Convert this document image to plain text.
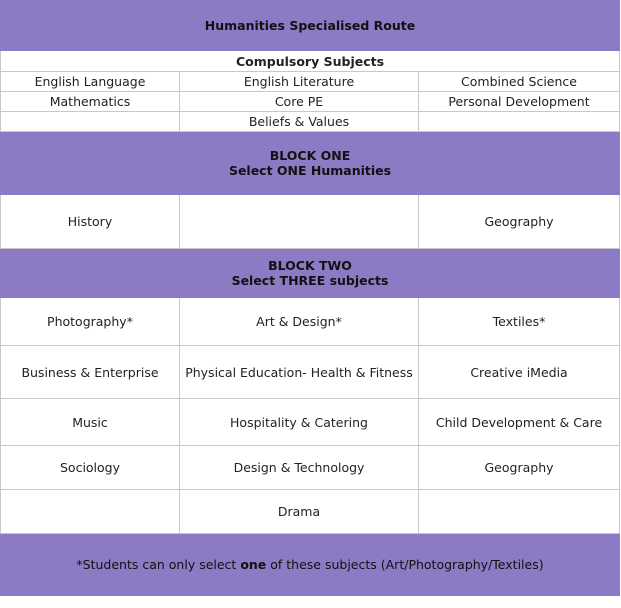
Humanities Specialised Route		
Compulsory Subjects		
English Language	English Literature	Combined Science
Mathematics	Core PE	Personal Development
	Beliefs & Values	

BLOCK ONE
Select ONE Humanities		

History		Geography

BLOCK TWO
Select THREE subjects		

Photography*	Art & Design*	Textiles*
Business & Enterprise	Physical Education- Health & Fitness	Creative iMedia
Music	Hospitality & Catering	Child Development & Care
Sociology	Design & Technology	Geography
	Drama	
*Students can only select one of these subjects (Art/Photography/Textiles)		
